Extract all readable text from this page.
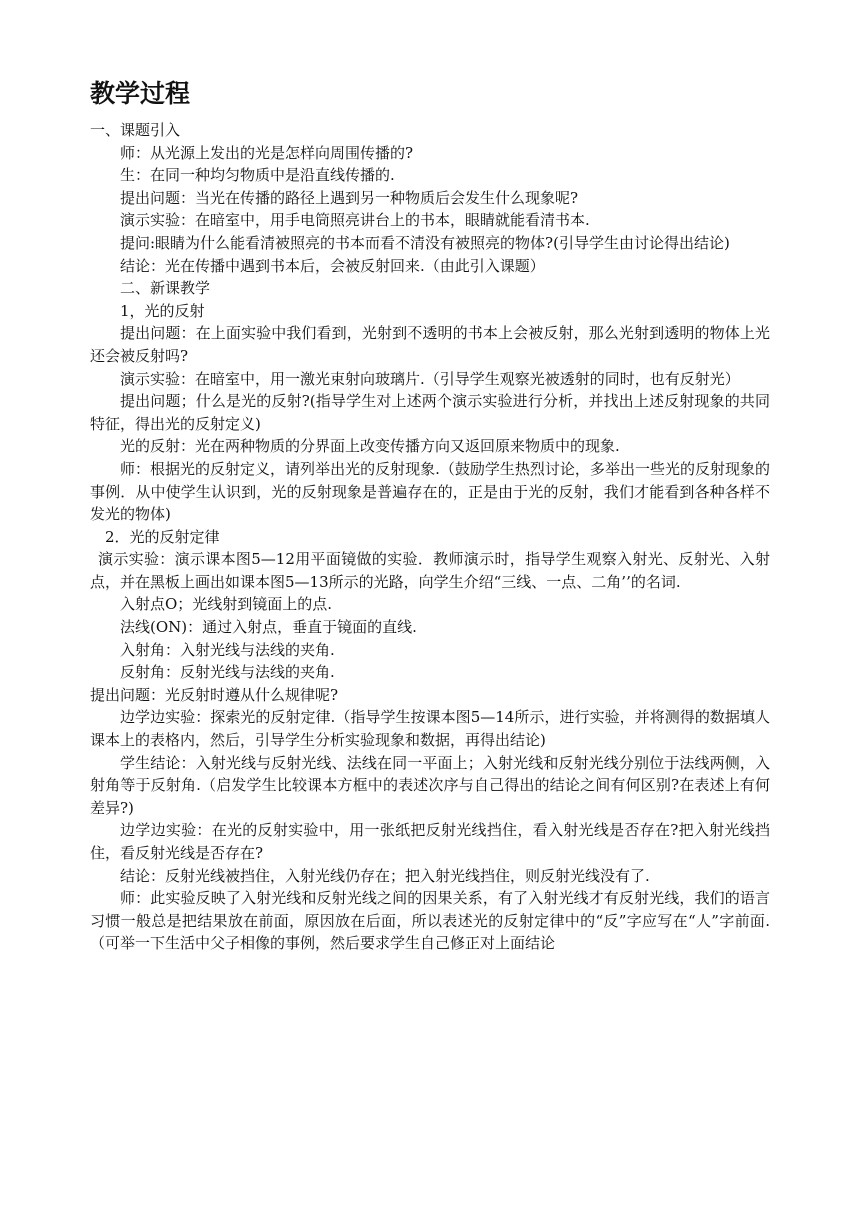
教学过程

一、课题引入

师：从光源上发出的光是怎样向周围传播的?

生：在同一种均匀物质中是沿直线传播的.

提出问题：当光在传播的路径上遇到另一种物质后会发生什么现象呢?

演示实验：在暗室中，用手电筒照亮讲台上的书本，眼睛就能看清书本.

提问:眼睛为什么能看清被照亮的书本而看不清没有被照亮的物体?(引导学生由讨论得出结论)

结论：光在传播中遇到书本后，会被反射回来.（由此引入课题）

二、新课教学

1，光的反射

提出问题：在上面实验中我们看到，光射到不透明的书本上会被反射，那么光射到透明的物体上光还会被反射吗?

演示实验：在暗室中，用一激光束射向玻璃片.（引导学生观察光被透射的同时，也有反射光）

提出问题；什么是光的反射?(指导学生对上述两个演示实验进行分析，并找出上述反射现象的共同特征，得出光的反射定义)

光的反射：光在两种物质的分界面上改变传播方向又返回原来物质中的现象.

师：根据光的反射定义，请列举出光的反射现象.（鼓励学生热烈讨论，多举出一些光的反射现象的事例．从中使学生认识到，光的反射现象是普遍存在的，正是由于光的反射，我们才能看到各种各样不发光的物体)

2．光的反射定律

演示实验：演示课本图5—12用平面镜做的实验．教师演示时，指导学生观察入射光、反射光、入射点，并在黑板上画出如课本图5—13所示的光路，向学生介绍“三线、一点、二角’’的名词.

入射点O；光线射到镜面上的点.

法线(ON)：通过入射点，垂直于镜面的直线.

入射角：入射光线与法线的夹角.

反射角：反射光线与法线的夹角.

提出问题：光反射时遵从什么规律呢?

边学边实验：探索光的反射定律.（指导学生按课本图5—14所示，进行实验，并将测得的数据填人课本上的表格内，然后，引导学生分析实验现象和数据，再得出结论)

学生结论：入射光线与反射光线、法线在同一平面上；入射光线和反射光线分别位于法线两侧，入射角等于反射角.（启发学生比较课本方框中的表述次序与自己得出的结论之间有何区别?在表述上有何差异?)

边学边实验：在光的反射实验中，用一张纸把反射光线挡住，看入射光线是否存在?把入射光线挡住，看反射光线是否存在?

结论：反射光线被挡住，入射光线仍存在；把入射光线挡住，则反射光线没有了.

师：此实验反映了入射光线和反射光线之间的因果关系，有了入射光线才有反射光线，我们的语言习惯一般总是把结果放在前面，原因放在后面，所以表述光的反射定律中的“反”字应写在“人”字前面.（可举一下生活中父子相像的事例，然后要求学生自己修正对上面结论
